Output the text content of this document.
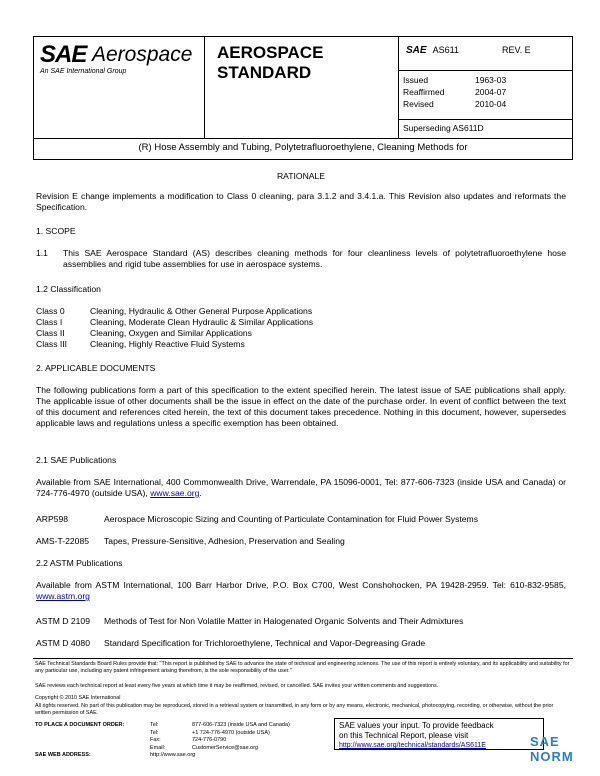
SAE Aerospace
An SAE International Group
AEROSPACE
STANDARD
SAE AS611	REV. E
Issued	1963-03
Reaffirmed	2004-07
Revised	2010-04
Superseding AS611D
(R) Hose Assembly and Tubing, Polytetrafluoroethylene, Cleaning Methods for
RATIONALE
Revision E change implements a modification to Class 0 cleaning, para 3.1.2 and 3.4.1.a. This Revision also updates and reformats the Specification.
1. SCOPE
1.1 This SAE Aerospace Standard (AS) describes cleaning methods for four cleanliness levels of polytetrafluoroethylene hose assemblies and rigid tube assemblies for use in aerospace systems.
1.2 Classification
Class 0	Cleaning, Hydraulic & Other General Purpose Applications
Class I	Cleaning, Moderate Clean Hydraulic & Similar Applications
Class II	Cleaning, Oxygen and Similar Applications
Class III	Cleaning, Highly Reactive Fluid Systems
2. APPLICABLE DOCUMENTS
The following publications form a part of this specification to the extent specified herein. The latest issue of SAE publications shall apply. The applicable issue of other documents shall be the issue in effect on the date of the purchase order. In event of conflict between the text of this document and references cited herein, the text of this document takes precedence. Nothing in this document, however, supersedes applicable laws and regulations unless a specific exemption has been obtained.
2.1 SAE Publications
Available from SAE International, 400 Commonwealth Drive, Warrendale, PA 15096-0001, Tel: 877-606-7323 (inside USA and Canada) or 724-776-4970 (outside USA), www.sae.org.
ARP598	Aerospace Microscopic Sizing and Counting of Particulate Contamination for Fluid Power Systems
AMS-T-22085 Tapes, Pressure-Sensitive, Adhesion, Preservation and Sealing
2.2 ASTM Publications
Available from ASTM International, 100 Barr Harbor Drive, P.O. Box C700, West Conshohocken, PA 19428-2959. Tel: 610-832-9585, www.astm.org
ASTM D 2109 Methods of Test for Non Volatile Matter in Halogenated Organic Solvents and Their Admixtures
ASTM D 4080 Standard Specification for Trichloroethylene, Technical and Vapor-Degreasing Grade
SAE Technical Standards Board Rules provide that: "This report is published by SAE to advance the state of technical and engineering sciences. The use of this report is entirely voluntary, and its applicability and suitability for any particular use, including any patent infringement arising therefrom, is the sole responsibility of the user."
SAE reviews each technical report at least every five years at which time it may be reaffirmed, revised, or cancelled. SAE invites your written comments and suggestions.
Copyright © 2010 SAE International
All rights reserved. No part of this publication may be reproduced, stored in a retrieval system or transmitted, in any form or by any means, electronic, mechanical, photocopying, recording, or otherwise, without the prior written permission of SAE.
TO PLACE A DOCUMENT ORDER:	Tel:	877-606-7323 (inside USA and Canada)
Tel:	+1 724-776-4970 (outside USA)
Fax:	724-776-0790
Email:	CustomerService@sae.org
SAE WEB ADDRESS:	http://www.sae.org
SAE values your input. To provide feedback
on this Technical Report, please visit
http://www.sae.org/technical/standards/AS611E	SAE NORM
